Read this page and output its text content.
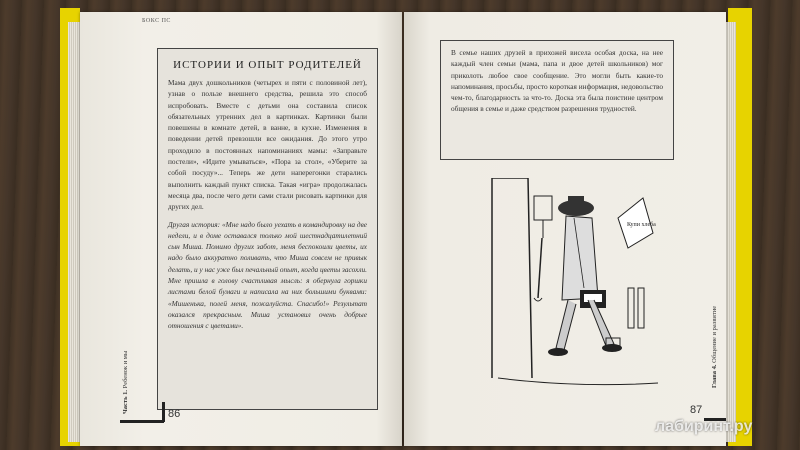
БОКС ПС
ИСТОРИИ И ОПЫТ РОДИТЕЛЕЙ

Мама двух дошкольников (четырех и пяти с половиной лет), узнав о пользе внешнего средства, решила это способ испробовать. Вместе с детьми она составила список обязательных утренних дел в картинках. Картинки были повешены в комнате детей, в ванне, в кухне. Изменения в поведении детей превзошли все ожидания. До этого утро проходило в постоянных напоминаниях мамы: «Заправьте постели», «Идите умываться», «Пора за стол», «Уберите за собой посуду»... Теперь же дети наперегонки старались выполнить каждый пункт списка. Такая «игра» продолжалась месяца два, после чего дети сами стали рисовать картинки для других дел.

Другая история: «Мне надо было уехать в командировку на две недели, и в доме оставался только мой шестнадцатилетний сын Миша. Помимо других забот, меня беспокоили цветы, их надо было аккуратно поливать, что Миша совсем не привык делать, и у нас уже был печальный опыт, когда цветы засохли. Мне пришла в голову счастливая мысль: я обернула горшки листами белой бумаги и написала на них большими буквами: «Мишенька, полей меня, пожалуйста. Спасибо!» Результат оказался прекрасным. Миша установил очень добрые отношения с цветами».

Часть 1. Ребенок и мы
86
В семье наших друзей в прихожей висела особая доска, на нее каждый член семьи (мама, папа и двое детей школьников) мог приколоть любое свое сообщение. Это могли быть какие-то напоминания, просьбы, просто короткая информация, недовольство чем-то, благодарность за что-то. Доска эта была поистине центром общения в семье и даже средством разрешения трудностей.
Купи хлеба
Глава 4. Общение и развитие
87
лабиринт.ру
